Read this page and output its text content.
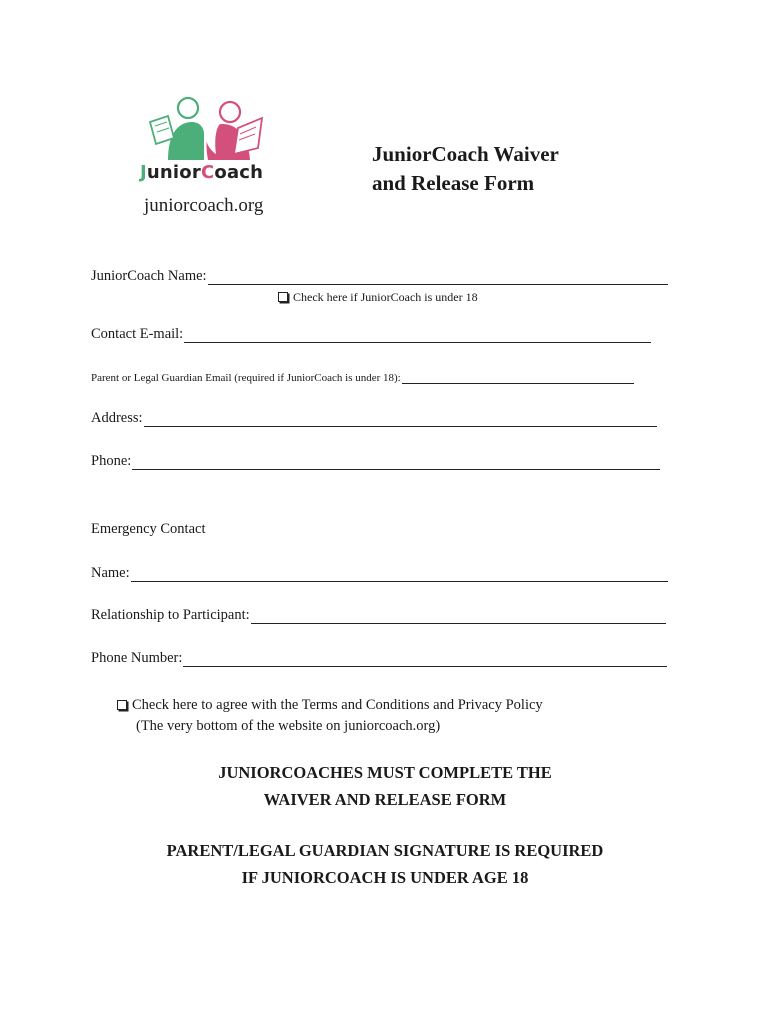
JuniorCoach
juniorcoach.org
JuniorCoach Waiver
and Release Form
JuniorCoach Name:
Check here if JuniorCoach is under 18
Contact E-mail:
Parent or Legal Guardian Email (required if JuniorCoach is under 18):
Address:
Phone:
Emergency Contact
Name:
Relationship to Participant:
Phone Number:
Check here to agree with the Terms and Conditions and Privacy Policy
(The very bottom of the website on juniorcoach.org)
JUNIORCOACHES MUST COMPLETE THE
WAIVER AND RELEASE FORM
PARENT/LEGAL GUARDIAN SIGNATURE IS REQUIRED
IF JUNIORCOACH IS UNDER AGE 18
